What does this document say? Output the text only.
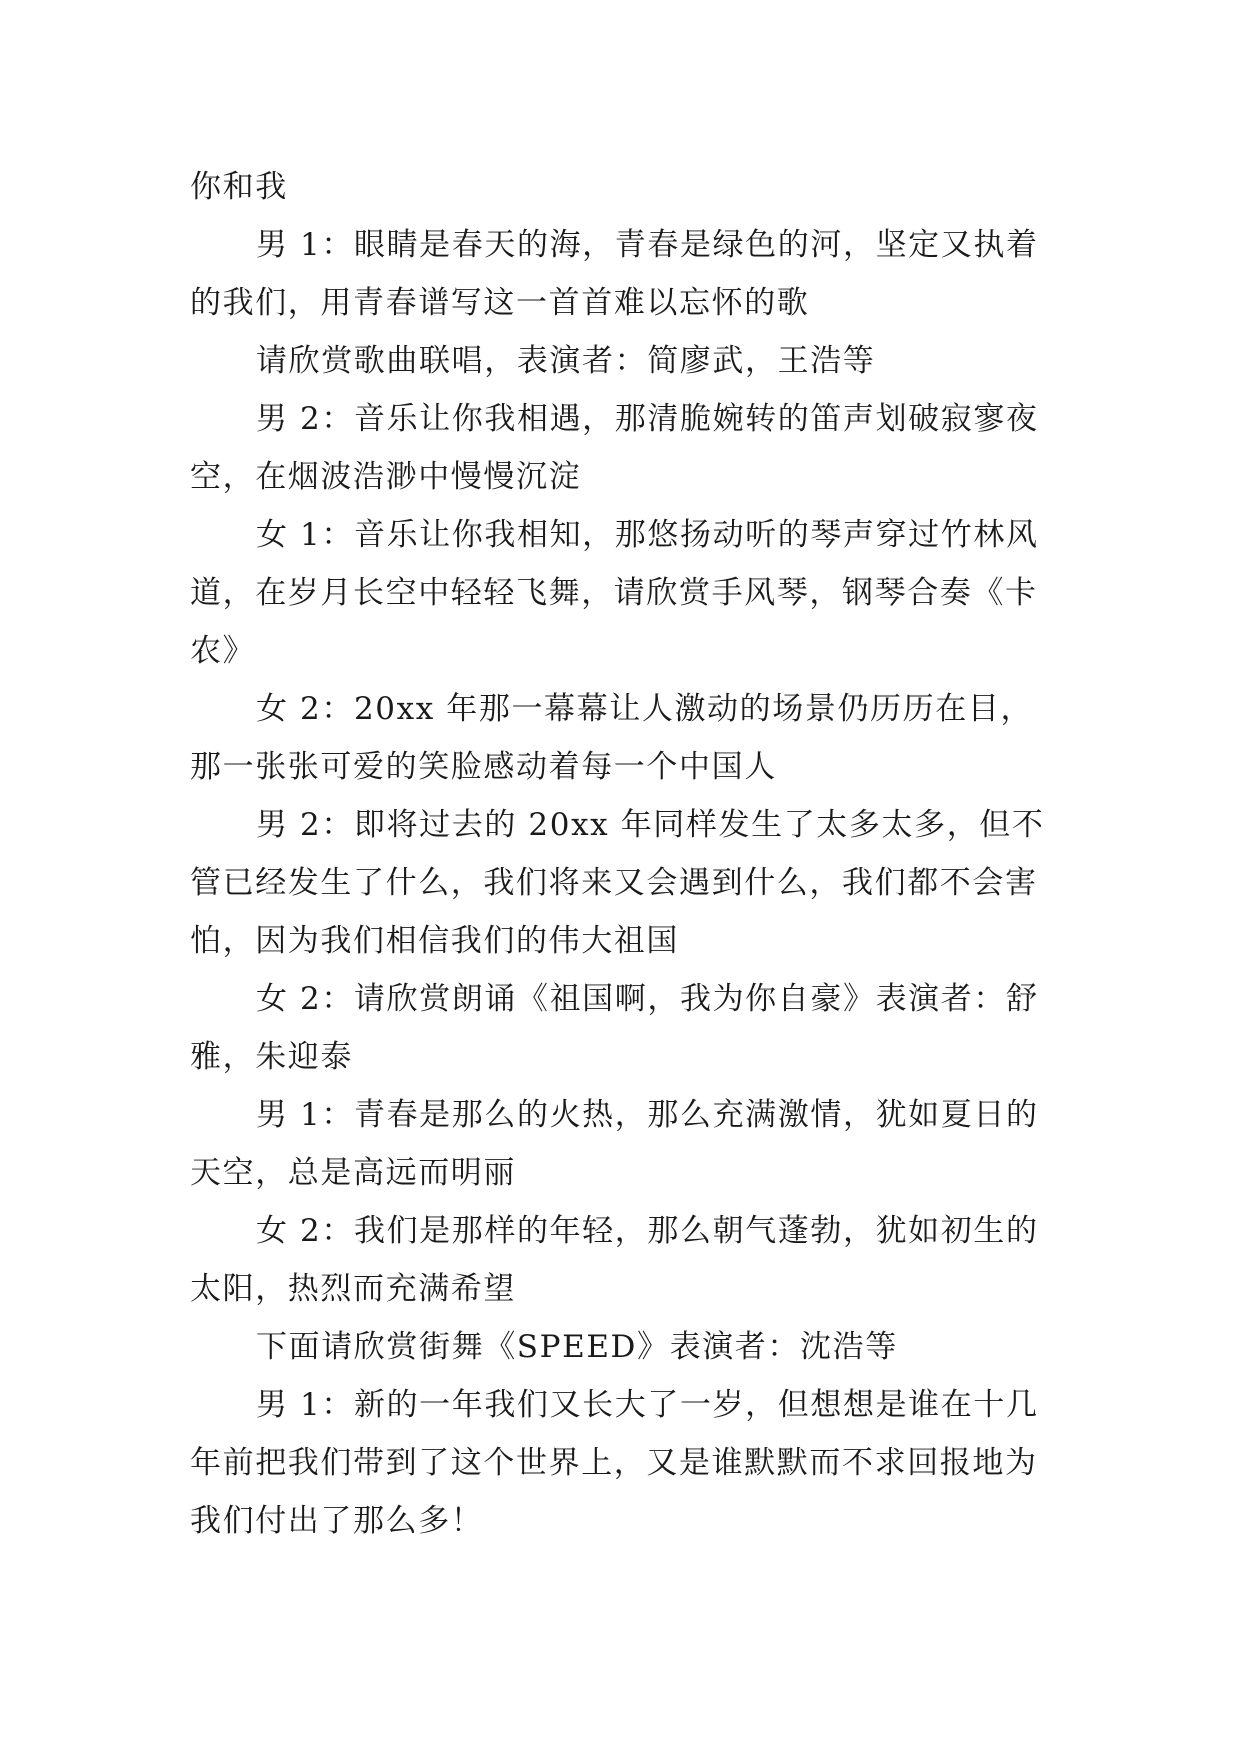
你和我

男 1：眼睛是春天的海，青春是绿色的河，坚定又执着的我们，用青春谱写这一首首难以忘怀的歌

请欣赏歌曲联唱，表演者：简廖武，王浩等

男 2：音乐让你我相遇，那清脆婉转的笛声划破寂寥夜空，在烟波浩渺中慢慢沉淀

女 1：音乐让你我相知，那悠扬动听的琴声穿过竹林风道，在岁月长空中轻轻飞舞，请欣赏手风琴，钢琴合奏《卡农》

女 2：20xx 年那一幕幕让人激动的场景仍历历在目，那一张张可爱的笑脸感动着每一个中国人

男 2：即将过去的 20xx 年同样发生了太多太多，但不管已经发生了什么，我们将来又会遇到什么，我们都不会害怕，因为我们相信我们的伟大祖国

女 2：请欣赏朗诵《祖国啊，我为你自豪》表演者：舒雅，朱迎泰

男 1：青春是那么的火热，那么充满激情，犹如夏日的天空，总是高远而明丽

女 2：我们是那样的年轻，那么朝气蓬勃，犹如初生的太阳，热烈而充满希望

下面请欣赏街舞《SPEED》表演者：沈浩等

男 1：新的一年我们又长大了一岁，但想想是谁在十几年前把我们带到了这个世界上，又是谁默默而不求回报地为我们付出了那么多！
